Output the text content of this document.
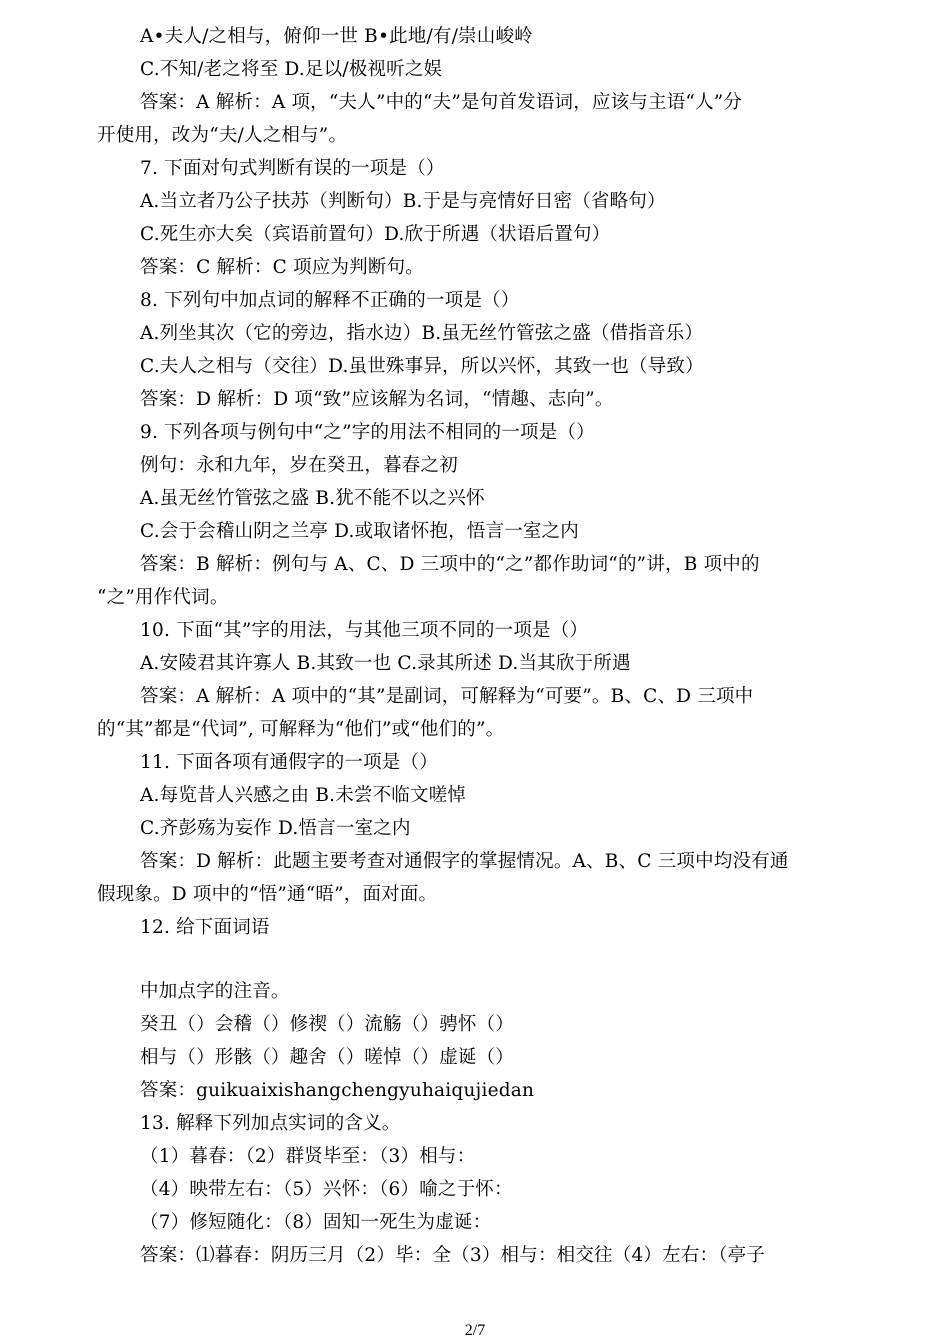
A•夫人/之相与，俯仰一世 B•此地/有/崇山峻岭
C.不知/老之将至 D.足以/极视听之娱
答案：A 解析：A 项，“夫人”中的“夫”是句首发语词，应该与主语“人”分
开使用，改为“夫/人之相与”。
7. 下面对句式判断有误的一项是（）
A.当立者乃公子扶苏（判断句）B.于是与亮情好日密（省略句）
C.死生亦大矣（宾语前置句）D.欣于所遇（状语后置句）
答案：C 解析：C 项应为判断句。
8. 下列句中加点词的解释不正确的一项是（）
A.列坐其次（它的旁边，指水边）B.虽无丝竹管弦之盛（借指音乐）
C.夫人之相与（交往）D.虽世殊事异，所以兴怀，其致一也（导致）
答案：D 解析：D 项“致”应该解为名词，“情趣、志向”。
9. 下列各项与例句中“之”字的用法不相同的一项是（）
例句：永和九年，岁在癸丑，暮春之初
A.虽无丝竹管弦之盛 B.犹不能不以之兴怀
C.会于会稽山阴之兰亭 D.或取诸怀抱，悟言一室之内
答案：B 解析：例句与 A、C、D 三项中的“之”都作助词“的”讲，B 项中的
“之”用作代词。
10. 下面“其”字的用法，与其他三项不同的一项是（）
A.安陵君其许寡人 B.其致一也 C.录其所述 D.当其欣于所遇
答案：A 解析：A 项中的“其”是副词，可解释为“可要”。B、C、D 三项中
的“其”都是“代词”, 可解释为“他们”或“他们的”。
11. 下面各项有通假字的一项是（）
A.每览昔人兴感之由 B.未尝不临文嗟悼
C.齐彭殇为妄作 D.悟言一室之内
答案：D 解析：此题主要考查对通假字的掌握情况。A、B、C 三项中均没有通
假现象。D 项中的“悟”通“晤”，面对面。
12. 给下面词语
中加点字的注音。
癸丑（）会稽（）修禊（）流觞（）骋怀（）
相与（）形骸（）趣舍（）嗟悼（）虚诞（）
答案：guikuaixishangchengyuhaiqujiedan
13. 解释下列加点实词的含义。
（1）暮春：（2）群贤毕至：（3）相与：
（4）映带左右：（5）兴怀：（6）喻之于怀：
（7）修短随化：（8）固知一死生为虚诞：
答案：⑴暮春：阴历三月（2）毕：全（3）相与：相交往（4）左右：（亭子
2/7
